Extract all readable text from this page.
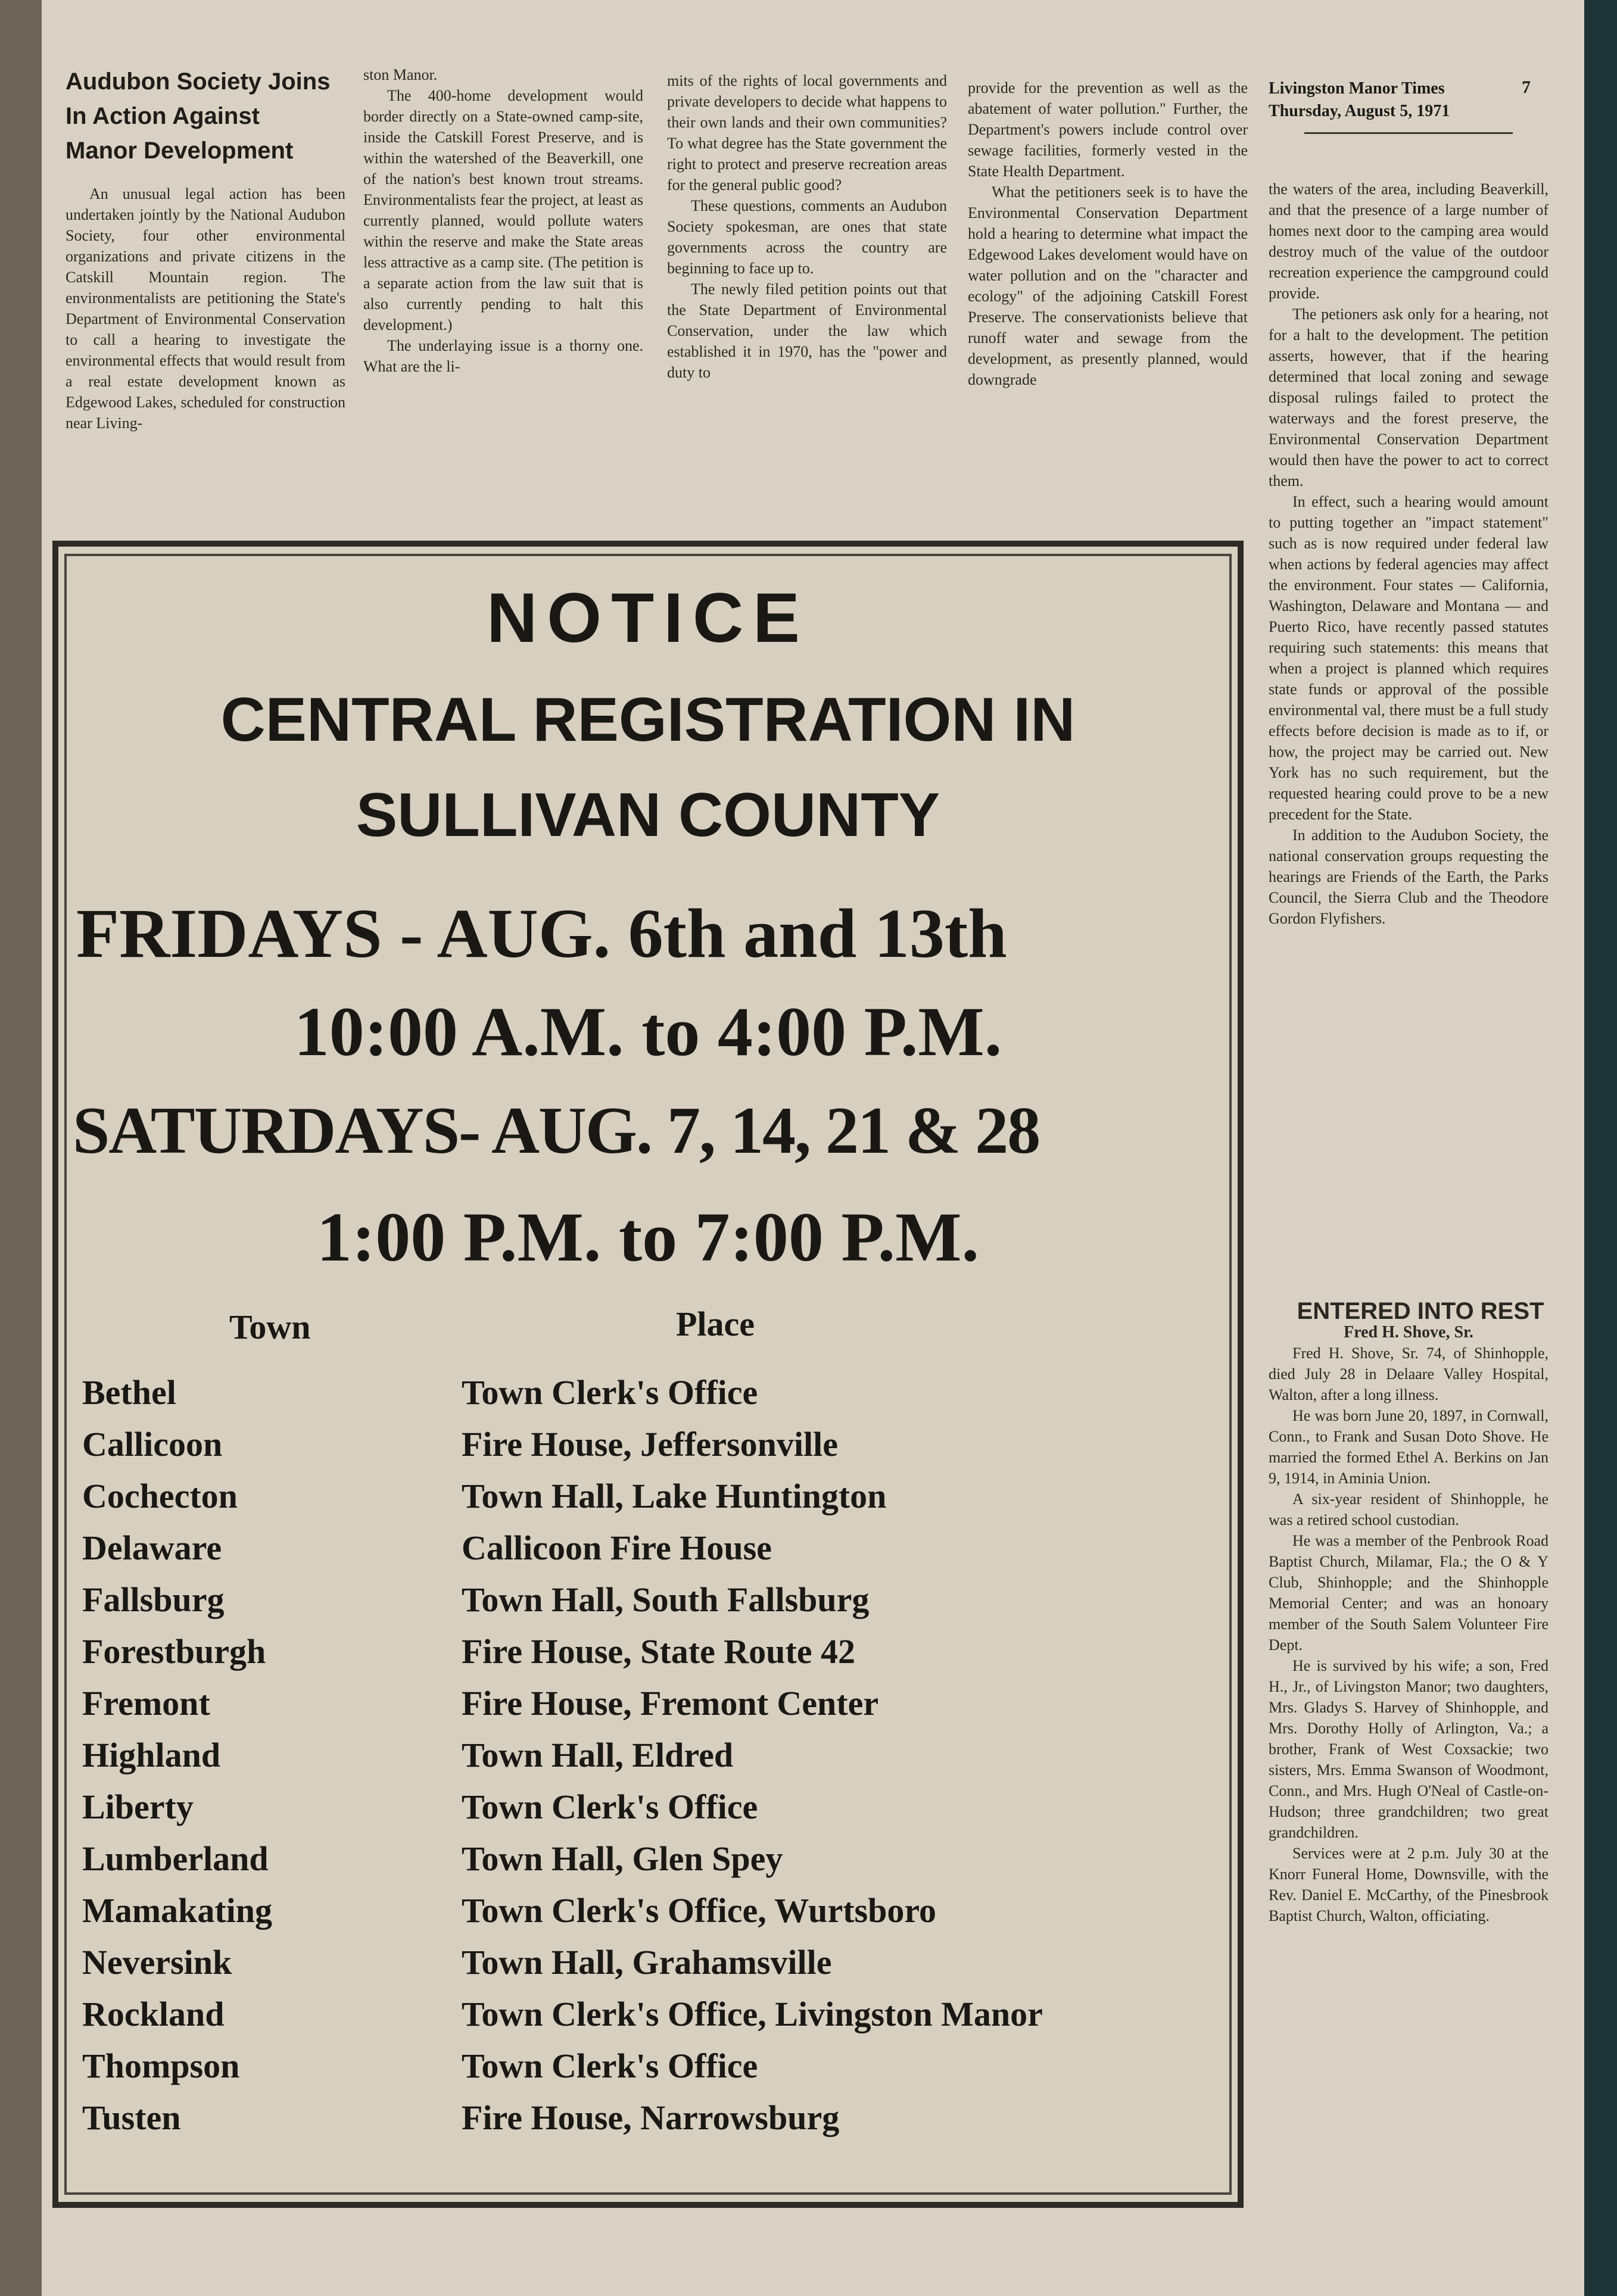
Audubon Society Joins
In Action Against
Manor Development

An unusual legal action has been undertaken jointly by the National Audubon Society, four other environmental organizations and private citizens in the Catskill Mountain region. The environmentalists are petitioning the State's Department of Environmental Conservation to call a hearing to investigate the environmental effects that would result from a real estate development known as Edgewood Lakes, scheduled for construction near Living-

ston Manor.

The 400-home development would border directly on a State-owned camp-site, inside the Catskill Forest Preserve, and is within the watershed of the Beaverkill, one of the nation's best known trout streams. Environmentalists fear the project, at least as currently planned, would pollute waters within the reserve and make the State areas less attractive as a camp site. (The petition is a separate action from the law suit that is also currently pending to halt this development.)

The underlaying issue is a thorny one. What are the li-

mits of the rights of local governments and private developers to decide what happens to their own lands and their own communities? To what degree has the State government the right to protect and preserve recreation areas for the general public good?

These questions, comments an Audubon Society spokesman, are ones that state governments across the country are beginning to face up to.

The newly filed petition points out that the State Department of Environmental Conservation, under the law which established it in 1970, has the "power and duty to

provide for the prevention as well as the abatement of water pollution." Further, the Department's powers include control over sewage facilities, formerly vested in the State Health Department.

What the petitioners seek is to have the Environmental Conservation Department hold a hearing to determine what impact the Edgewood Lakes develoment would have on water pollution and on the "character and ecology" of the adjoining Catskill Forest Preserve. The conservationists believe that runoff water and sewage from the development, as presently planned, would downgrade

7
Livingston Manor Times
Thursday, August 5, 1971

the waters of the area, including Beaverkill, and that the presence of a large number of homes next door to the camping area would destroy much of the value of the outdoor recreation experience the campground could provide.

The petioners ask only for a hearing, not for a halt to the development. The petition asserts, however, that if the hearing determined that local zoning and sewage disposal rulings failed to protect the waterways and the forest preserve, the Environmental Conservation Department would then have the power to act to correct them.

In effect, such a hearing would amount to putting together an "impact statement" such as is now required under federal law when actions by federal agencies may affect the environment. Four states — California, Washington, Delaware and Montana — and Puerto Rico, have recently passed statutes requiring such statements: this means that when a project is planned which requires state funds or approval of the possible environmental val, there must be a full study effects before decision is made as to if, or how, the project may be carried out. New York has no such requirement, but the requested hearing could prove to be a new precedent for the State.

In addition to the Audubon Society, the national conservation groups requesting the hearings are Friends of the Earth, the Parks Council, the Sierra Club and the Theodore Gordon Flyfishers.

ENTERED INTO REST

Fred H. Shove, Sr.

Fred H. Shove, Sr. 74, of Shinhopple, died July 28 in Delaare Valley Hospital, Walton, after a long illness.

He was born June 20, 1897, in Cornwall, Conn., to Frank and Susan Doto Shove. He married the formed Ethel A. Berkins on Jan 9, 1914, in Aminia Union.

A six-year resident of Shinhopple, he was a retired school custodian.

He was a member of the Penbrook Road Baptist Church, Milamar, Fla.; the O & Y Club, Shinhopple; and the Shinhopple Memorial Center; and was an honoary member of the South Salem Volunteer Fire Dept.

He is survived by his wife; a son, Fred H., Jr., of Livingston Manor; two daughters, Mrs. Gladys S. Harvey of Shinhopple, and Mrs. Dorothy Holly of Arlington, Va.; a brother, Frank of West Coxsackie; two sisters, Mrs. Emma Swanson of Woodmont, Conn., and Mrs. Hugh O'Neal of Castle-on-Hudson; three grandchildren; two great grandchildren.

Services were at 2 p.m. July 30 at the Knorr Funeral Home, Downsville, with the Rev. Daniel E. McCarthy, of the Pinesbrook Baptist Church, Walton, officiating.

NOTICE
CENTRAL REGISTRATION IN
SULLIVAN COUNTY
FRIDAYS - AUG. 6th and 13th
10:00 A.M. to 4:00 P.M.
SATURDAYS- AUG. 7, 14, 21 & 28
1:00 P.M. to 7:00 P.M.
Town	Place
Bethel	Town Clerk's Office
Callicoon	Fire House, Jeffersonville
Cochecton	Town Hall, Lake Huntington
Delaware	Callicoon Fire House
Fallsburg	Town Hall, South Fallsburg
Forestburgh	Fire House, State Route 42
Fremont	Fire House, Fremont Center
Highland	Town Hall, Eldred
Liberty	Town Clerk's Office
Lumberland	Town Hall, Glen Spey
Mamakating	Town Clerk's Office, Wurtsboro
Neversink	Town Hall, Grahamsville
Rockland	Town Clerk's Office, Livingston Manor
Thompson	Town Clerk's Office
Tusten	Fire House, Narrowsburg
